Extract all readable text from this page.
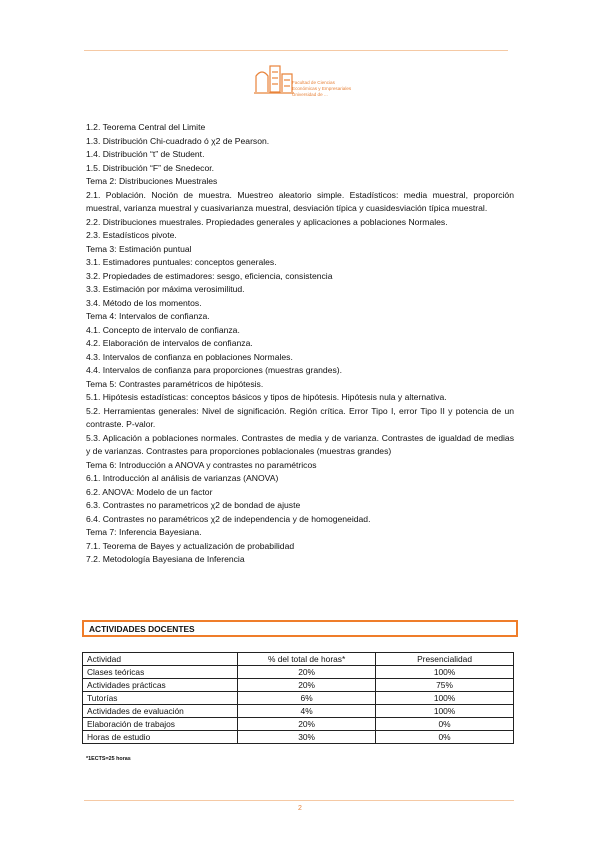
Facultad de Ciencias
Económicas y Empresariales
Universidad de ...

1.2. Teorema Central del Limite

1.3. Distribución Chi-cuadrado ó χ2 de Pearson.

1.4. Distribución “t” de Student.

1.5. Distribución “F” de Snedecor.

Tema 2: Distribuciones Muestrales

2.1. Población. Noción de muestra. Muestreo aleatorio simple. Estadísticos: media muestral, proporción muestral, varianza muestral y cuasivarianza muestral, desviación típica y cuasidesviación típica muestral.

2.2. Distribuciones muestrales. Propiedades generales y aplicaciones a poblaciones Normales.

2.3. Estadísticos pivote.

Tema 3: Estimación puntual

3.1. Estimadores puntuales: conceptos generales.

3.2. Propiedades de estimadores: sesgo, eficiencia, consistencia

3.3. Estimación por máxima verosimilitud.

3.4. Método de los momentos.

Tema 4: Intervalos de confianza.

4.1. Concepto de intervalo de confianza.

4.2. Elaboración de intervalos de confianza.

4.3. Intervalos de confianza en poblaciones Normales.

4.4. Intervalos de confianza para proporciones (muestras grandes).

Tema 5: Contrastes paramétricos de hipótesis.

5.1. Hipótesis estadísticas: conceptos básicos y tipos de hipótesis. Hipótesis nula y alternativa.

5.2. Herramientas generales: Nivel de significación. Región crítica. Error Tipo I, error Tipo II y potencia de un contraste. P-valor.

5.3. Aplicación a poblaciones normales. Contrastes de media y de varianza. Contrastes de igualdad de medias y de varianzas. Contrastes para proporciones poblacionales (muestras grandes)

Tema 6: Introducción a ANOVA y contrastes no paramétricos

6.1. Introducción al análisis de varianzas (ANOVA)

6.2. ANOVA: Modelo de un factor

6.3. Contrastes no parametricos χ2 de bondad de ajuste

6.4. Contrastes no paramétricos χ2 de independencia y de homogeneidad.

Tema 7: Inferencia Bayesiana.

7.1. Teorema de Bayes y actualización de probabilidad

7.2. Metodología Bayesiana de Inferencia

ACTIVIDADES DOCENTES
Actividad	% del total de horas*	Presencialidad
Clases teóricas	20%	100%
Actividades prácticas	20%	75%
Tutorías	6%	100%
Actividades de evaluación	4%	100%
Elaboración de trabajos	20%	0%
Horas de estudio	30%	0%
*1ECTS=25 horas
2
